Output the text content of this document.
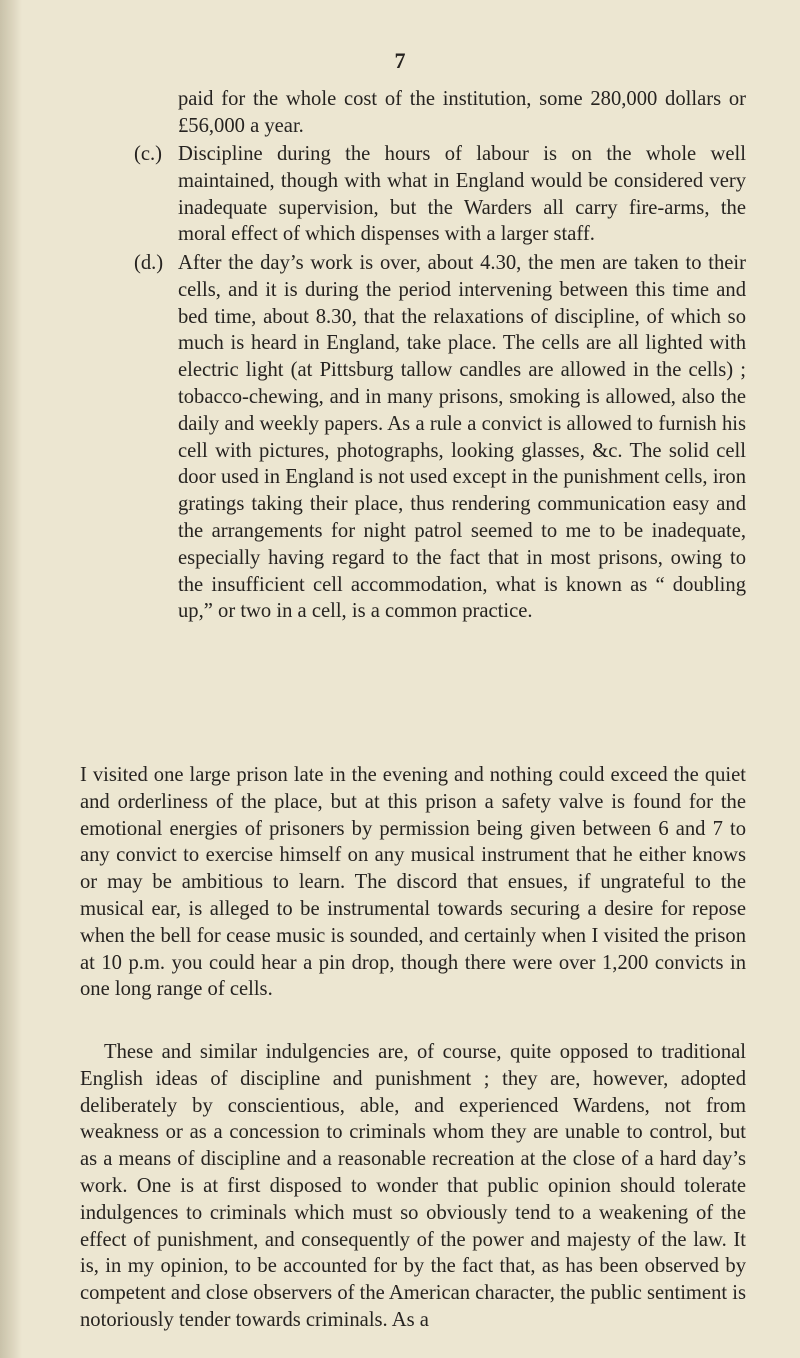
7

paid for the whole cost of the institution, some 280,000 dollars or £56,000 a year.

(c.) Discipline during the hours of labour is on the whole well maintained, though with what in England would be considered very inadequate supervision, but the Warders all carry fire-arms, the moral effect of which dispenses with a larger staff.
(d.) After the day’s work is over, about 4.30, the men are taken to their cells, and it is during the period intervening between this time and bed time, about 8.30, that the relaxations of discipline, of which so much is heard in England, take place. The cells are all lighted with electric light (at Pittsburg tallow candles are allowed in the cells) ; tobacco-chewing, and in many prisons, smoking is allowed, also the daily and weekly papers. As a rule a convict is allowed to furnish his cell with pictures, photographs, looking glasses, &c. The solid cell door used in England is not used except in the punishment cells, iron gratings taking their place, thus rendering communication easy and the arrangements for night patrol seemed to me to be inadequate, especially having regard to the fact that in most prisons, owing to the insufficient cell accommodation, what is known as “ doubling up,” or two in a cell, is a common practice.

I visited one large prison late in the evening and nothing could exceed the quiet and orderliness of the place, but at this prison a safety valve is found for the emotional energies of prisoners by permission being given between 6 and 7 to any convict to exercise himself on any musical instrument that he either knows or may be ambitious to learn. The discord that ensues, if ungrateful to the musical ear, is alleged to be instrumental towards securing a desire for repose when the bell for cease music is sounded, and certainly when I visited the prison at 10 p.m. you could hear a pin drop, though there were over 1,200 convicts in one long range of cells.

These and similar indulgencies are, of course, quite opposed to traditional English ideas of discipline and punishment ; they are, however, adopted deliberately by conscientious, able, and experienced Wardens, not from weakness or as a concession to criminals whom they are unable to control, but as a means of discipline and a reasonable recreation at the close of a hard day’s work. One is at first disposed to wonder that public opinion should tolerate indulgences to criminals which must so obviously tend to a weakening of the effect of punishment, and consequently of the power and majesty of the law. It is, in my opinion, to be accounted for by the fact that, as has been observed by competent and close observers of the American character, the public sentiment is notoriously tender towards criminals. As a
